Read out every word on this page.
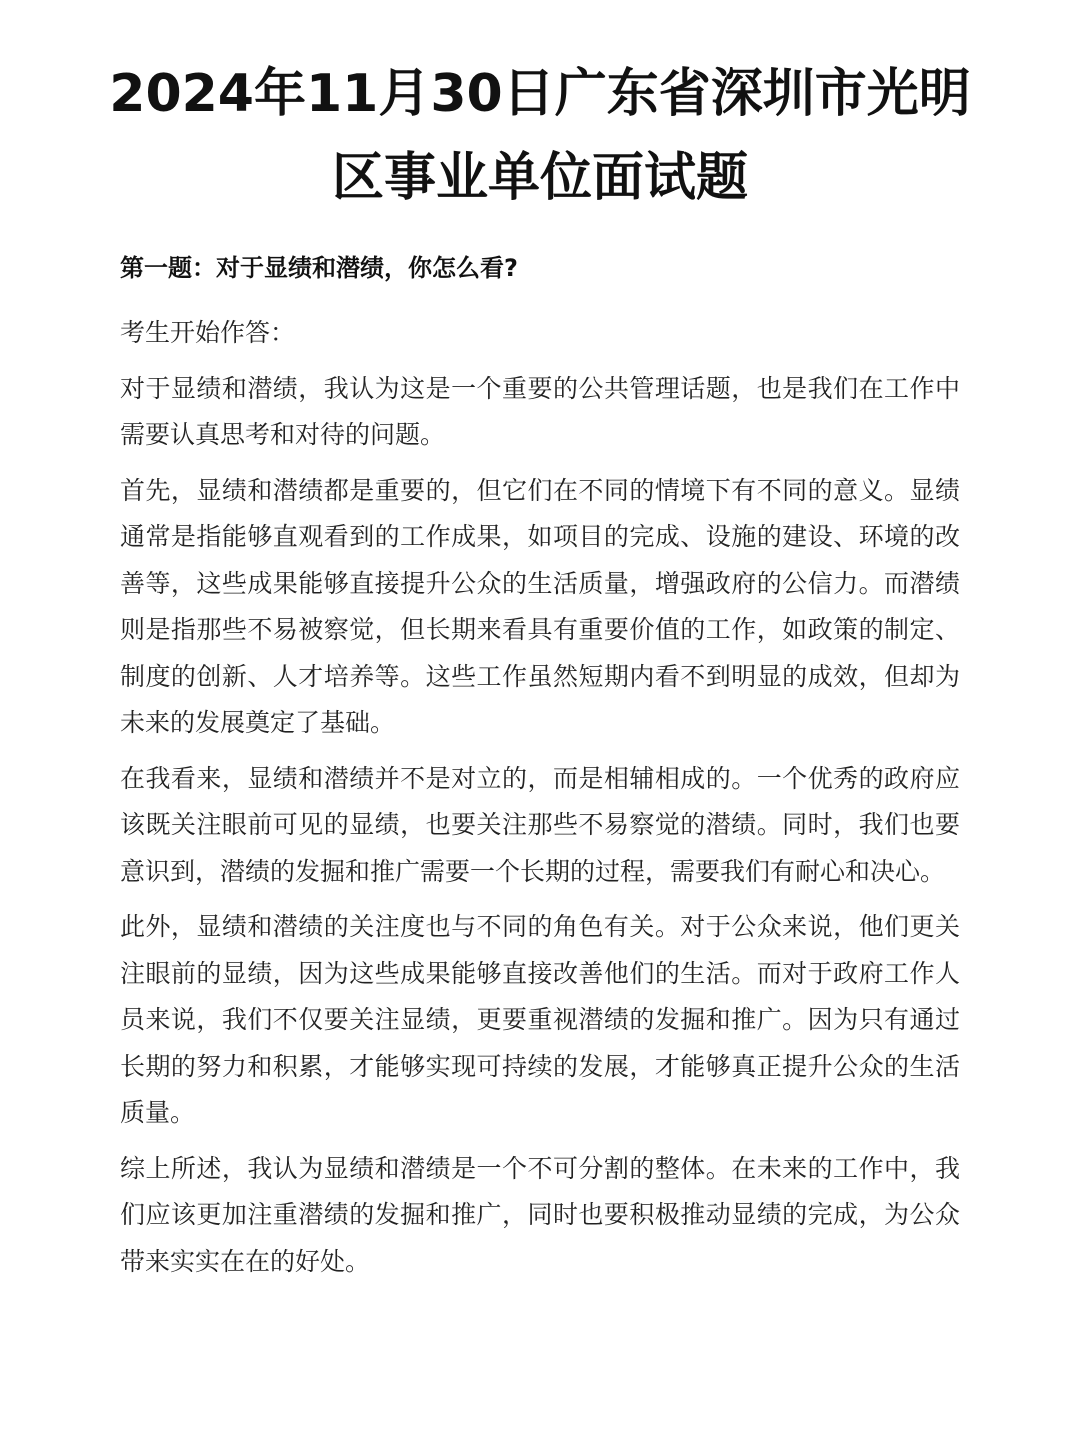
2024年11月30日广东省深圳市光明区事业单位面试题

第一题：对于显绩和潜绩，你怎么看?

考生开始作答：

对于显绩和潜绩，我认为这是一个重要的公共管理话题，也是我们在工作中需要认真思考和对待的问题。

首先，显绩和潜绩都是重要的，但它们在不同的情境下有不同的意义。显绩通常是指能够直观看到的工作成果，如项目的完成、设施的建设、环境的改善等，这些成果能够直接提升公众的生活质量，增强政府的公信力。而潜绩则是指那些不易被察觉，但长期来看具有重要价值的工作，如政策的制定、制度的创新、人才培养等。这些工作虽然短期内看不到明显的成效，但却为未来的发展奠定了基础。

在我看来，显绩和潜绩并不是对立的，而是相辅相成的。一个优秀的政府应该既关注眼前可见的显绩，也要关注那些不易察觉的潜绩。同时，我们也要意识到，潜绩的发掘和推广需要一个长期的过程，需要我们有耐心和决心。

此外，显绩和潜绩的关注度也与不同的角色有关。对于公众来说，他们更关注眼前的显绩，因为这些成果能够直接改善他们的生活。而对于政府工作人员来说，我们不仅要关注显绩，更要重视潜绩的发掘和推广。因为只有通过长期的努力和积累，才能够实现可持续的发展，才能够真正提升公众的生活质量。

综上所述，我认为显绩和潜绩是一个不可分割的整体。在未来的工作中，我们应该更加注重潜绩的发掘和推广，同时也要积极推动显绩的完成，为公众带来实实在在的好处。
